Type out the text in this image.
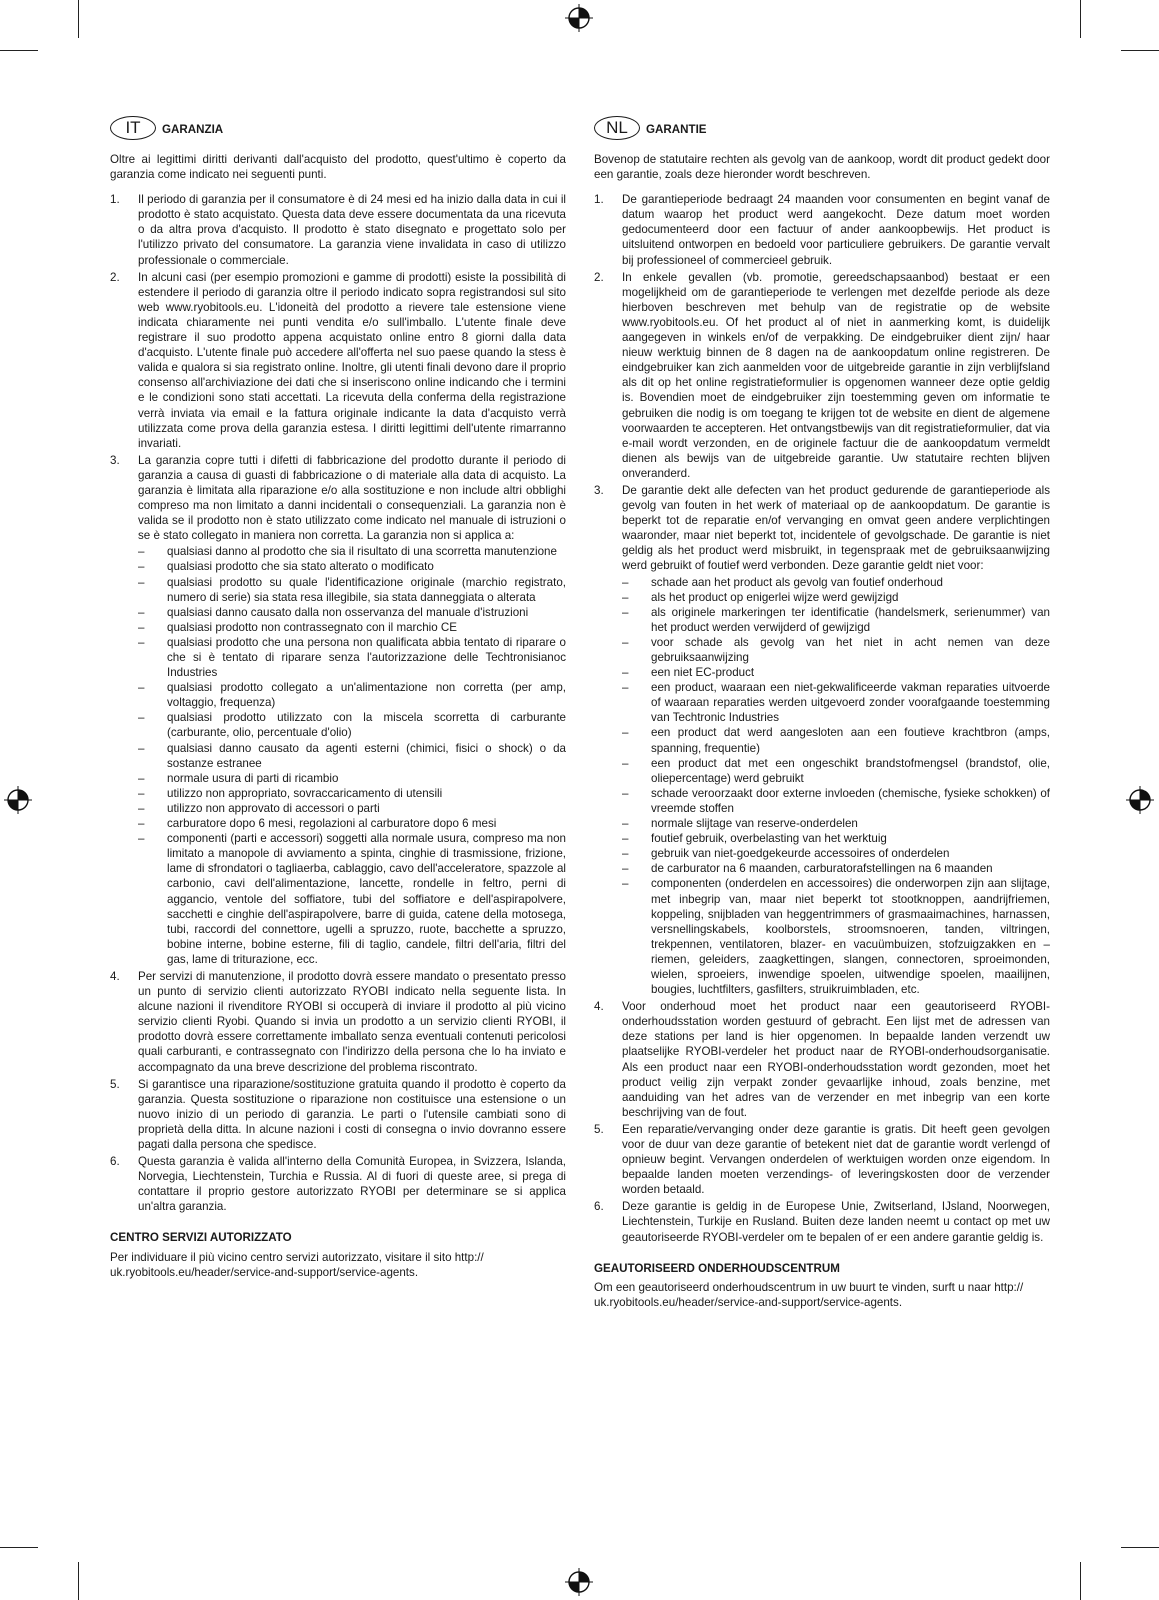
IT	GARANZIA

Oltre ai legittimi diritti derivanti dall'acquisto del prodotto, quest'ultimo è coperto da garanzia come indicato nei seguenti punti.

1. Il periodo di garanzia per il consumatore è di 24 mesi ed ha inizio dalla data in cui il prodotto è stato acquistato. Questa data deve essere documentata da una ricevuta o da altra prova d'acquisto. Il prodotto è stato disegnato e progettato solo per l'utilizzo privato del consumatore. La garanzia viene invalidata in caso di utilizzo professionale o commerciale.
2. In alcuni casi (per esempio promozioni e gamme di prodotti) esiste la possibilità di estendere il periodo di garanzia oltre il periodo indicato sopra registrandosi sul sito web www.ryobitools.eu. L'idoneità del prodotto a rievere tale estensione viene indicata chiaramente nei punti vendita e/o sull'imballo. L'utente finale deve registrare il suo prodotto appena acquistato online entro 8 giorni dalla data d'acquisto. L'utente finale può accedere all'offerta nel suo paese quando la stess è valida e qualora si sia registrato online. Inoltre, gli utenti finali devono dare il proprio consenso all'archiviazione dei dati che si inseriscono online indicando che i termini e le condizioni sono stati accettati. La ricevuta della conferma della registrazione verrà inviata via email e la fattura originale indicante la data d'acquisto verrà utilizzata come prova della garanzia estesa. I diritti legittimi dell'utente rimarranno invariati.
3. La garanzia copre tutti i difetti di fabbricazione del prodotto durante il periodo di garanzia a causa di guasti di fabbricazione o di materiale alla data di acquisto. La garanzia è limitata alla riparazione e/o alla sostituzione e non include altri obblighi compreso ma non limitato a danni incidentali o consequenziali. La garanzia non è valida se il prodotto non è stato utilizzato come indicato nel manuale di istruzioni o se è stato collegato in maniera non corretta. La garanzia non si applica a:
– qualsiasi danno al prodotto che sia il risultato di una scorretta manutenzione
– qualsiasi prodotto che sia stato alterato o modificato
– qualsiasi prodotto su quale l'identificazione originale (marchio registrato, numero di serie) sia stata resa illegibile, sia stata danneggiata o alterata
– qualsiasi danno causato dalla non osservanza del manuale d'istruzioni
– qualsiasi prodotto non contrassegnato con il marchio CE
– qualsiasi prodotto che una persona non qualificata abbia tentato di riparare o che si è tentato di riparare senza l'autorizzazione delle Techtronisianoc Industries
– qualsiasi prodotto collegato a un'alimentazione non corretta (per amp, voltaggio, frequenza)
– qualsiasi prodotto utilizzato con la miscela scorretta di carburante (carburante, olio, percentuale d'olio)
– qualsiasi danno causato da agenti esterni (chimici, fisici o shock) o da sostanze estranee
– normale usura di parti di ricambio
– utilizzo non appropriato, sovraccaricamento di utensili
– utilizzo non approvato di accessori o parti
– carburatore dopo 6 mesi, regolazioni al carburatore dopo 6 mesi
– componenti (parti e accessori) soggetti alla normale usura, compreso ma non limitato a manopole di avviamento a spinta, cinghie di trasmissione, frizione, lame di sfrondatori o tagliaerba, cablaggio, cavo dell'acceleratore, spazzole al carbonio, cavi dell'alimentazione, lancette, rondelle in feltro, perni di aggancio, ventole del soffiatore, tubi del soffiatore e dell'aspirapolvere, sacchetti e cinghie dell'aspirapolvere, barre di guida, catene della motosega, tubi, raccordi del connettore, ugelli a spruzzo, ruote, bacchette a spruzzo, bobine interne, bobine esterne, fili di taglio, candele, filtri dell'aria, filtri del gas, lame di triturazione, ecc.
4. Per servizi di manutenzione, il prodotto dovrà essere mandato o presentato presso un punto di servizio clienti autorizzato RYOBI indicato nella seguente lista. In alcune nazioni il rivenditore RYOBI si occuperà di inviare il prodotto al più vicino servizio clienti Ryobi. Quando si invia un prodotto a un servizio clienti RYOBI, il prodotto dovrà essere correttamente imballato senza eventuali contenuti pericolosi quali carburanti, e contrassegnato con l'indirizzo della persona che lo ha inviato e accompagnato da una breve descrizione del problema riscontrato.
5. Si garantisce una riparazione/sostituzione gratuita quando il prodotto è coperto da garanzia. Questa sostituzione o riparazione non costituisce una estensione o un nuovo inizio di un periodo di garanzia. Le parti o l'utensile cambiati sono di proprietà della ditta. In alcune nazioni i costi di consegna o invio dovranno essere pagati dalla persona che spedisce.
6. Questa garanzia è valida all'interno della Comunità Europea, in Svizzera, Islanda, Norvegia, Liechtenstein, Turchia e Russia. Al di fuori di queste aree, si prega di contattare il proprio gestore autorizzato RYOBI per determinare se si applica un'altra garanzia.
CENTRO SERVIZI AUTORIZZATO

Per individuare il più vicino centro servizi autorizzato, visitare il sito http:// uk.ryobitools.eu/header/service-and-support/service-agents.

NL	GARANTIE

Bovenop de statutaire rechten als gevolg van de aankoop, wordt dit product gedekt door een garantie, zoals deze hieronder wordt beschreven.

1. De garantieperiode bedraagt 24 maanden voor consumenten en begint vanaf de datum waarop het product werd aangekocht. Deze datum moet worden gedocumenteerd door een factuur of ander aankoopbewijs. Het product is uitsluitend ontworpen en bedoeld voor particuliere gebruikers. De garantie vervalt bij professioneel of commercieel gebruik.
2. In enkele gevallen (vb. promotie, gereedschapsaanbod) bestaat er een mogelijkheid om de garantieperiode te verlengen met dezelfde periode als deze hierboven beschreven met behulp van de registratie op de website www.ryobitools.eu. Of het product al of niet in aanmerking komt, is duidelijk aangegeven in winkels en/of de verpakking. De eindgebruiker dient zijn/ haar nieuw werktuig binnen de 8 dagen na de aankoopdatum online registreren. De eindgebruiker kan zich aanmelden voor de uitgebreide garantie in zijn verblijfsland als dit op het online registratieformulier is opgenomen wanneer deze optie geldig is. Bovendien moet de eindgebruiker zijn toestemming geven om informatie te gebruiken die nodig is om toegang te krijgen tot de website en dient de algemene voorwaarden te accepteren. Het ontvangstbewijs van dit registratieformulier, dat via e-mail wordt verzonden, en de originele factuur die de aankoopdatum vermeldt dienen als bewijs van de uitgebreide garantie. Uw statutaire rechten blijven onveranderd.
3. De garantie dekt alle defecten van het product gedurende de garantieperiode als gevolg van fouten in het werk of materiaal op de aankoopdatum. De garantie is beperkt tot de reparatie en/of vervanging en omvat geen andere verplichtingen waaronder, maar niet beperkt tot, incidentele of gevolgschade. De garantie is niet geldig als het product werd misbruikt, in tegenspraak met de gebruiksaanwijzing werd gebruikt of foutief werd verbonden. Deze garantie geldt niet voor:
– schade aan het product als gevolg van foutief onderhoud
– als het product op enigerlei wijze werd gewijzigd
– als originele markeringen ter identificatie (handelsmerk, serienummer) van het product werden verwijderd of gewijzigd
– voor schade als gevolg van het niet in acht nemen van deze gebruiksaanwijzing
– een niet EC-product
– een product, waaraan een niet-gekwalificeerde vakman reparaties uitvoerde of waaraan reparaties werden uitgevoerd zonder voorafgaande toestemming van Techtronic Industries
– een product dat werd aangesloten aan een foutieve krachtbron (amps, spanning, frequentie)
– een product dat met een ongeschikt brandstofmengsel (brandstof, olie, oliepercentage) werd gebruikt
– schade veroorzaakt door externe invloeden (chemische, fysieke schokken) of vreemde stoffen
– normale slijtage van reserve-onderdelen
– foutief gebruik, overbelasting van het werktuig
– gebruik van niet-goedgekeurde accessoires of onderdelen
– de carburator na 6 maanden, carburatorafstellingen na 6 maanden
– componenten (onderdelen en accessoires) die onderworpen zijn aan slijtage, met inbegrip van, maar niet beperkt tot stootknoppen, aandrijfriemen, koppeling, snijbladen van heggentrimmers of grasmaaimachines, harnassen, versnellingskabels, koolborstels, stroomsnoeren, tanden, viltringen, trekpennen, ventilatoren, blazer- en vacuümbuizen, stofzuigzakken en –riemen, geleiders, zaagkettingen, slangen, connectoren, sproeimonden, wielen, sproeiers, inwendige spoelen, uitwendige spoelen, maailijnen, bougies, luchtfilters, gasfilters, struikruimbladen, etc.
4. Voor onderhoud moet het product naar een geautoriseerd RYOBI-onderhoudsstation worden gestuurd of gebracht. Een lijst met de adressen van deze stations per land is hier opgenomen. In bepaalde landen verzendt uw plaatselijke RYOBI-verdeler het product naar de RYOBI-onderhoudsorganisatie. Als een product naar een RYOBI-onderhoudsstation wordt gezonden, moet het product veilig zijn verpakt zonder gevaarlijke inhoud, zoals benzine, met aanduiding van het adres van de verzender en met inbegrip van een korte beschrijving van de fout.
5. Een reparatie/vervanging onder deze garantie is gratis. Dit heeft geen gevolgen voor de duur van deze garantie of betekent niet dat de garantie wordt verlengd of opnieuw begint. Vervangen onderdelen of werktuigen worden onze eigendom. In bepaalde landen moeten verzendings- of leveringskosten door de verzender worden betaald.
6. Deze garantie is geldig in de Europese Unie, Zwitserland, IJsland, Noorwegen, Liechtenstein, Turkije en Rusland. Buiten deze landen neemt u contact op met uw geautoriseerde RYOBI-verdeler om te bepalen of er een andere garantie geldig is.
GEAUTORISEERD ONDERHOUDSCENTRUM

Om een geautoriseerd onderhoudscentrum in uw buurt te vinden, surft u naar http:// uk.ryobitools.eu/header/service-and-support/service-agents.
